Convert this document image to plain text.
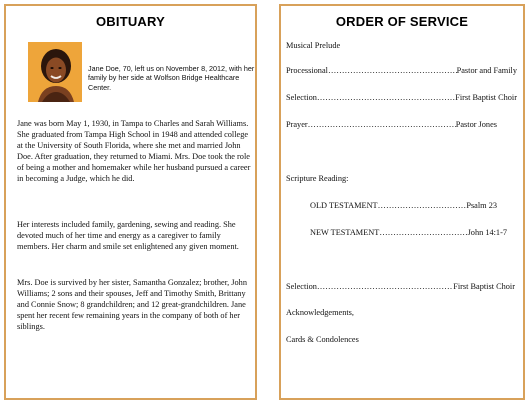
OBITUARY
Jane Doe, 70, left us on November 8, 2012, with her family by her side at Wolfson Bridge Healthcare Center.
Jane was born May 1, 1930, in Tampa to Charles and Sarah Williams. She graduated from Tampa High School in 1948 and attended college at the University of South Florida, where she met and married John Doe. After graduation, they returned to Miami. Mrs. Doe took the role of being a mother and homemaker while her husband pursued a career in becoming a Judge, which he did.
Her interests included family, gardening, sewing and reading. She devoted much of her time and energy as a caregiver to family members. Her charm and smile set enlightened any given moment.
Mrs. Doe is survived by her sister, Samantha Gonzalez; brother, John Williams; 2 sons and their spouses, Jeff and Timothy Smith, Brittany and Connie Snow; 8 grandchildren; and 12 great-grandchildren. Jane spent her recent few remaining years in the company of both of her siblings.
ORDER OF SERVICE
Musical Prelude
Processional ……………………………………………………………………………	Pastor and Family
Selection ……………………………………………………………………………	First Baptist Choir
Prayer ……………………………………………………………………………	Pastor Jones
Scripture Reading:
OLD TESTAMENT ……………………………………………………………………………	Psalm 23
NEW TESTAMENT ……………………………………………………………………………	John 14:1-7
Selection ……………………………………………………………………………	First Baptist Choir
Acknowledgements,
Cards & Condolences
